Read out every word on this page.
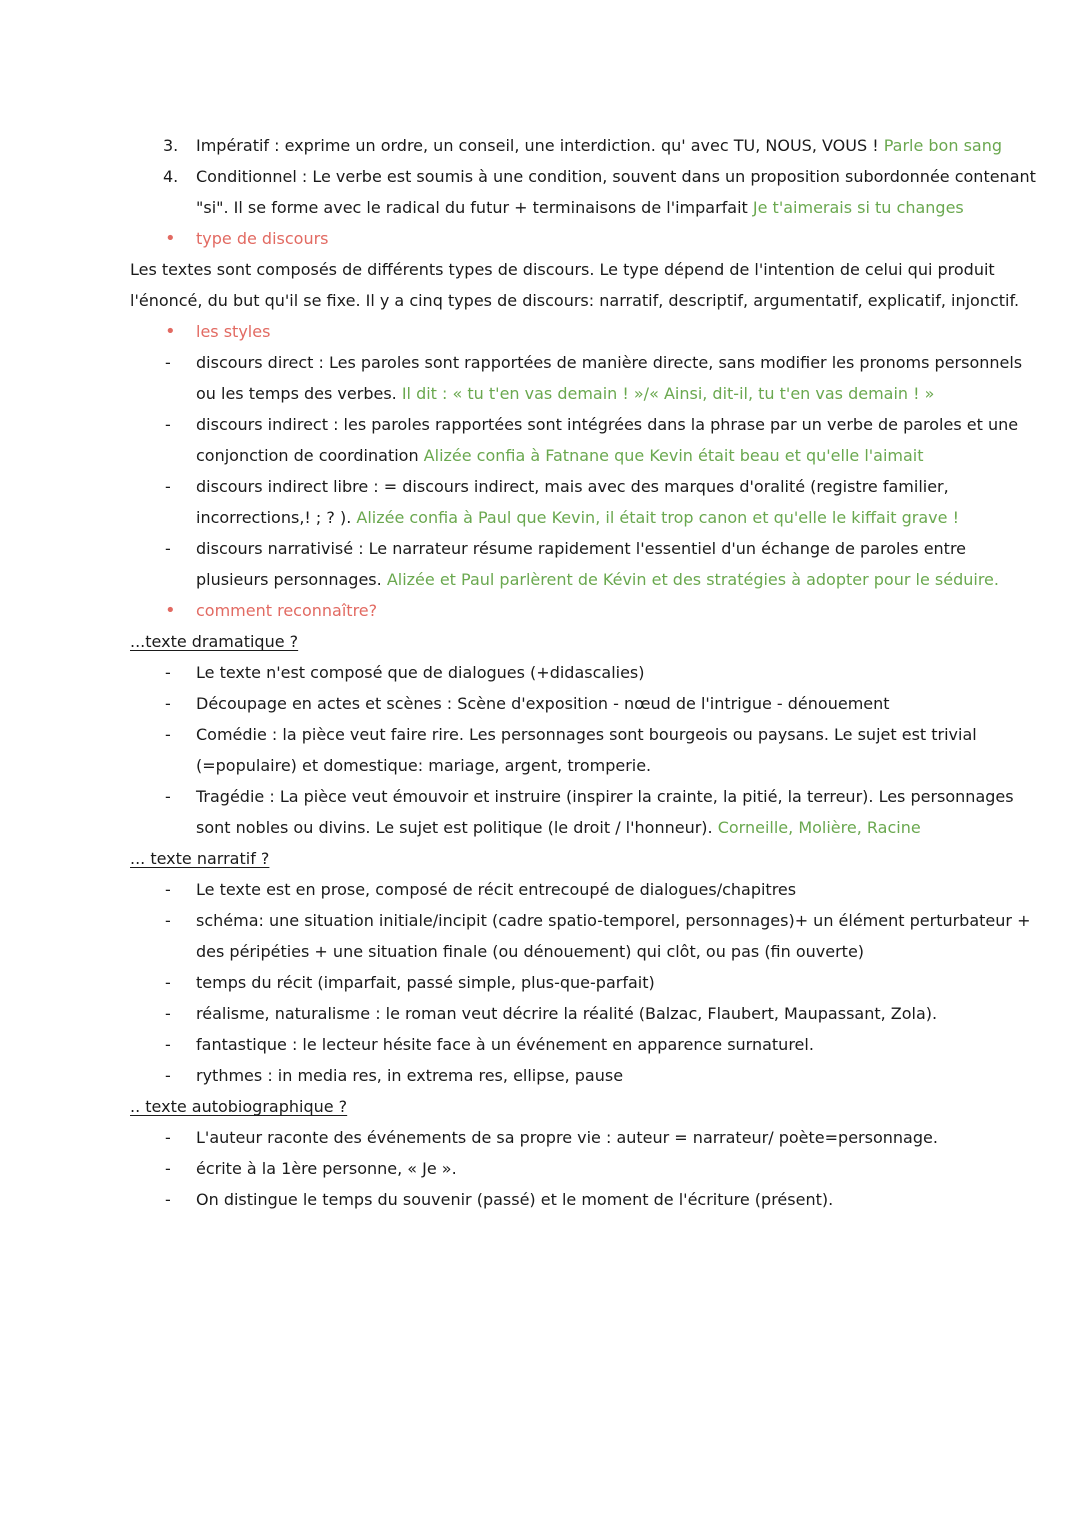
3. Impératif : exprime un ordre, un conseil, une interdiction. qu' avec TU, NOUS, VOUS ! Parle bon sang
4. Conditionnel : Le verbe est soumis à une condition, souvent dans un proposition subordonnée contenant
"si". Il se forme avec le radical du futur + terminaisons de l'imparfait Je t'aimerais si tu changes
• type de discours
Les textes sont composés de différents types de discours. Le type dépend de l'intention de celui qui produit
l'énoncé, du but qu'il se fixe. Il y a cinq types de discours: narratif, descriptif, argumentatif, explicatif, injonctif.
• les styles
- discours direct : Les paroles sont rapportées de manière directe, sans modifier les pronoms personnels
ou les temps des verbes. Il dit : « tu t'en vas demain ! »/« Ainsi, dit-il, tu t'en vas demain ! »
- discours indirect : les paroles rapportées sont intégrées dans la phrase par un verbe de paroles et une
conjonction de coordination Alizée confia à Fatnane que Kevin était beau et qu'elle l'aimait
- discours indirect libre : = discours indirect, mais avec des marques d'oralité (registre familier,
incorrections,! ; ? ). Alizée confia à Paul que Kevin, il était trop canon et qu'elle le kiffait grave !
- discours narrativisé : Le narrateur résume rapidement l'essentiel d'un échange de paroles entre
plusieurs personnages. Alizée et Paul parlèrent de Kévin et des stratégies à adopter pour le séduire.
• comment reconnaître?
...texte dramatique ?
- Le texte n'est composé que de dialogues (+didascalies)
- Découpage en actes et scènes : Scène d'exposition - nœud de l'intrigue - dénouement
- Comédie : la pièce veut faire rire. Les personnages sont bourgeois ou paysans. Le sujet est trivial
(=populaire) et domestique: mariage, argent, tromperie.
- Tragédie : La pièce veut émouvoir et instruire (inspirer la crainte, la pitié, la terreur). Les personnages
sont nobles ou divins. Le sujet est politique (le droit / l'honneur). Corneille, Molière, Racine
... texte narratif ?
- Le texte est en prose, composé de récit entrecoupé de dialogues/chapitres
- schéma: une situation initiale/incipit (cadre spatio-temporel, personnages)+ un élément perturbateur +
des péripéties + une situation finale (ou dénouement) qui clôt, ou pas (fin ouverte)
- temps du récit (imparfait, passé simple, plus-que-parfait)
- réalisme, naturalisme : le roman veut décrire la réalité (Balzac, Flaubert, Maupassant, Zola).
- fantastique : le lecteur hésite face à un événement en apparence surnaturel.
- rythmes : in media res, in extrema res, ellipse, pause
.. texte autobiographique ?
- L'auteur raconte des événements de sa propre vie : auteur = narrateur/ poète=personnage.
- écrite à la 1ère personne, « Je ».
- On distingue le temps du souvenir (passé) et le moment de l'écriture (présent).
